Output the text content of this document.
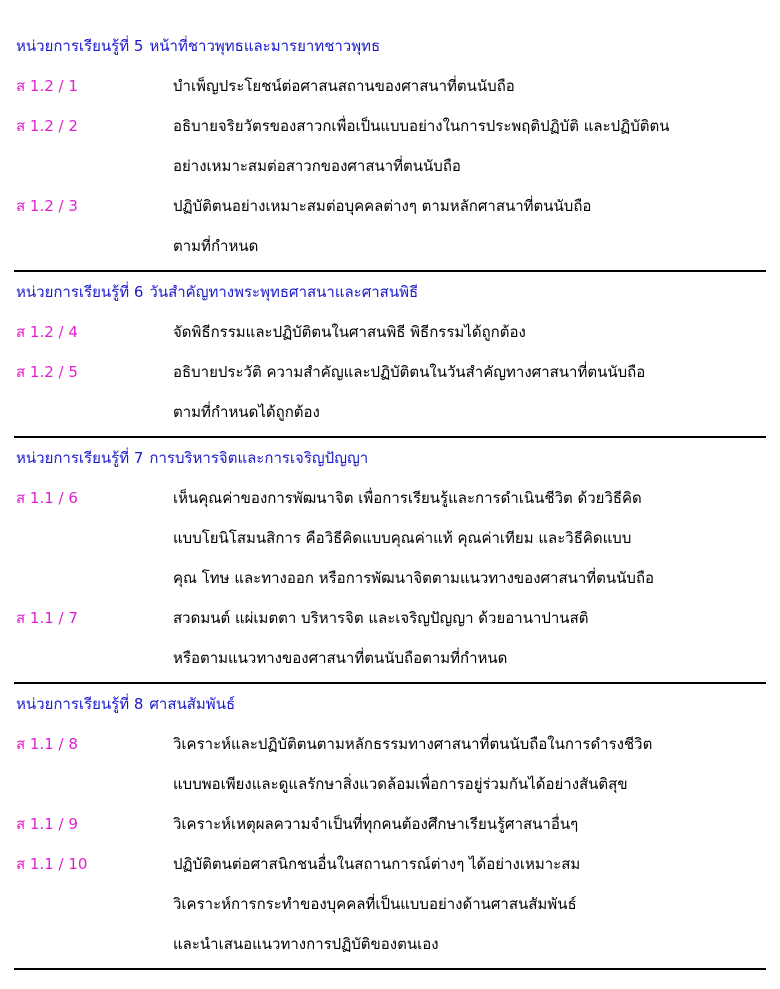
หน่วยการเรียนรู้ที่ 5 หน้าที่ชาวพุทธและมารยาทชาวพุทธ
ส 1.2 / 1	บำเพ็ญประโยชน์ต่อศาสนสถานของศาสนาที่ตนนับถือ
ส 1.2 / 2	อธิบายจริยวัตรของสาวกเพื่อเป็นแบบอย่างในการประพฤติปฏิบัติ และปฏิบัติตน
อย่างเหมาะสมต่อสาวกของศาสนาที่ตนนับถือ
ส 1.2 / 3	ปฏิบัติตนอย่างเหมาะสมต่อบุคคลต่างๆ ตามหลักศาสนาที่ตนนับถือ
ตามที่กำหนด
หน่วยการเรียนรู้ที่ 6 วันสำคัญทางพระพุทธศาสนาและศาสนพิธี
ส 1.2 / 4	จัดพิธีกรรมและปฏิบัติตนในศาสนพิธี พิธีกรรมได้ถูกต้อง
ส 1.2 / 5	อธิบายประวัติ ความสำคัญและปฏิบัติตนในวันสำคัญทางศาสนาที่ตนนับถือ
ตามที่กำหนดได้ถูกต้อง
หน่วยการเรียนรู้ที่ 7 การบริหารจิตและการเจริญปัญญา
ส 1.1 / 6	เห็นคุณค่าของการพัฒนาจิต เพื่อการเรียนรู้และการดำเนินชีวิต ด้วยวิธีคิด
แบบโยนิโสมนสิการ คือวิธีคิดแบบคุณค่าแท้ คุณค่าเทียม และวิธีคิดแบบ
คุณ โทษ และทางออก หรือการพัฒนาจิตตามแนวทางของศาสนาที่ตนนับถือ
ส 1.1 / 7	สวดมนต์ แผ่เมตตา บริหารจิต และเจริญปัญญา ด้วยอานาปานสติ
หรือตามแนวทางของศาสนาที่ตนนับถือตามที่กำหนด
หน่วยการเรียนรู้ที่ 8 ศาสนสัมพันธ์
ส 1.1 / 8	วิเคราะห์และปฏิบัติตนตามหลักธรรมทางศาสนาที่ตนนับถือในการดำรงชีวิต
แบบพอเพียงและดูแลรักษาสิ่งแวดล้อมเพื่อการอยู่ร่วมกันได้อย่างสันติสุข
ส 1.1 / 9	วิเคราะห์เหตุผลความจำเป็นที่ทุกคนต้องศึกษาเรียนรู้ศาสนาอื่นๆ
ส 1.1 / 10	ปฏิบัติตนต่อศาสนิกชนอื่นในสถานการณ์ต่างๆ ได้อย่างเหมาะสม
วิเคราะห์การกระทำของบุคคลที่เป็นแบบอย่างด้านศาสนสัมพันธ์
และนำเสนอแนวทางการปฏิบัติของตนเอง
